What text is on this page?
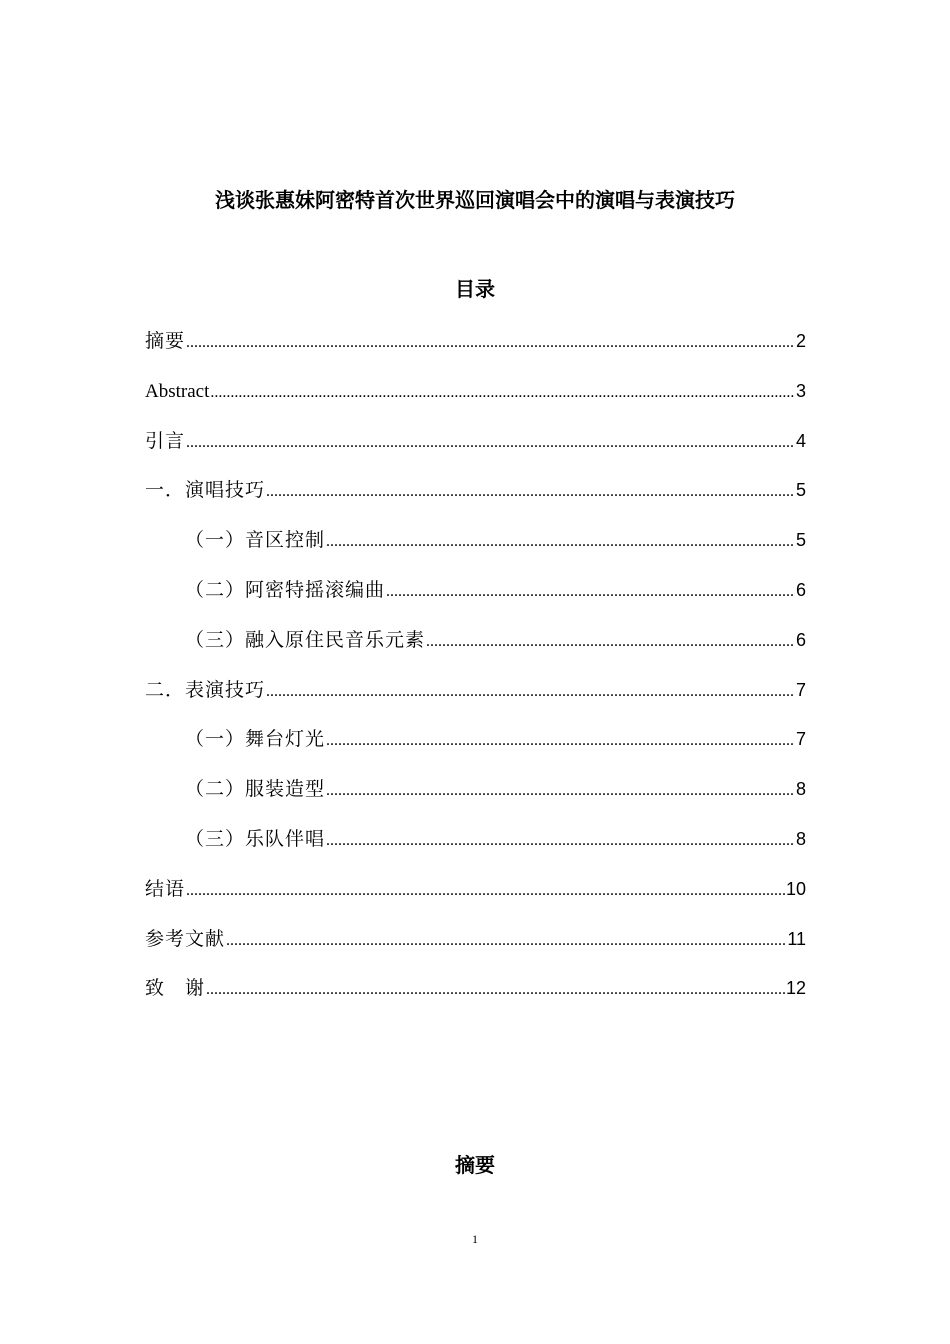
浅谈张惠妹阿密特首次世界巡回演唱会中的演唱与表演技巧
目录
摘要 .....	2
Abstract .....	3
引言 .....	4
一．演唱技巧 .....	5
（一）音区控制 .....	5
（二）阿密特摇滚编曲 .....	6
（三）融入原住民音乐元素 .....	6
二．表演技巧 .....	7
（一）舞台灯光 .....	7
（二）服装造型 .....	8
（三）乐队伴唱 .....	8
结语 .....	10
参考文献 .....	11
致　谢 .....	12
摘要
1
